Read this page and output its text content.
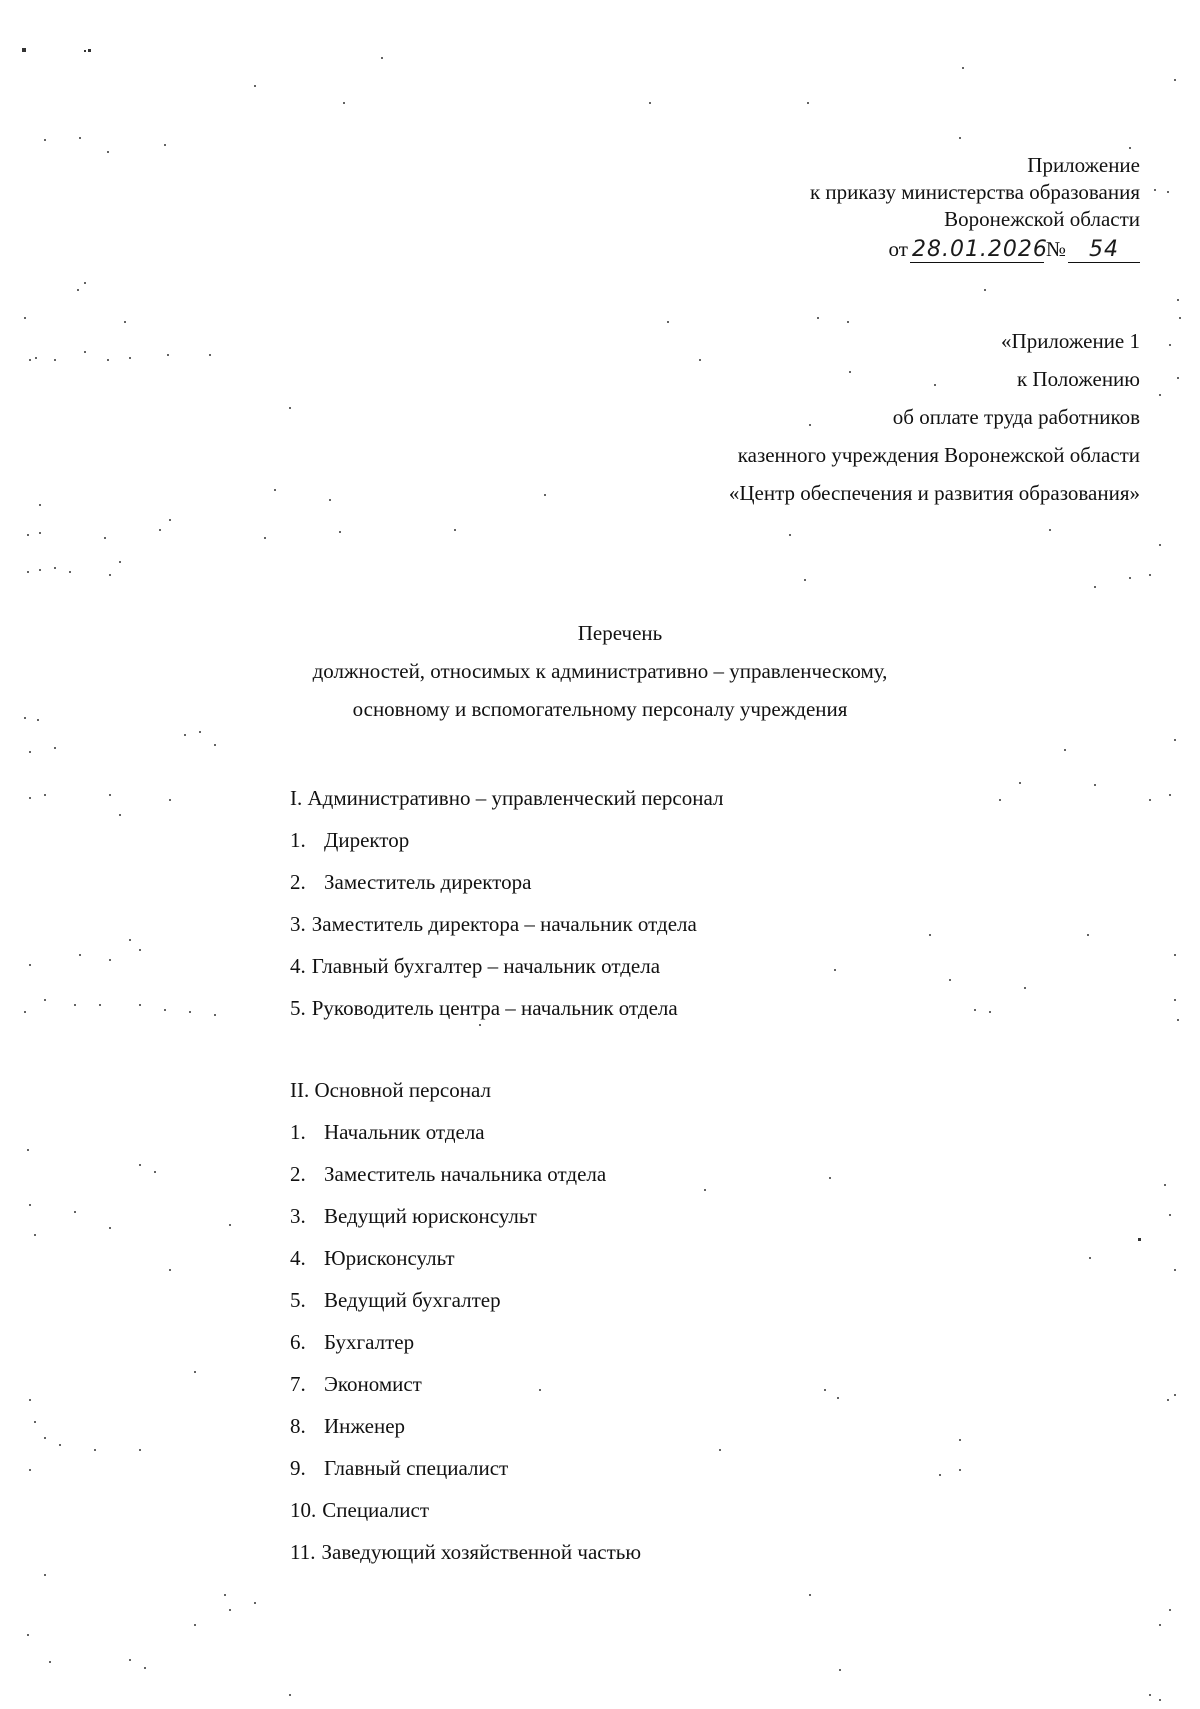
Приложение
к приказу министерства образования
Воронежской области
от 28.01.2026
№	54
«Приложение 1
к Положению
об оплате труда работников
казенного учреждения Воронежской области
«Центр обеспечения и развития образования»
Перечень
должностей, относимых к административно – управленческому,
основному и вспомогательному персоналу учреждения
I. Административно – управленческий персонал
1. Директор
2. Заместитель директора
3. Заместитель директора – начальник отдела
4. Главный бухгалтер – начальник отдела
5. Руководитель центра – начальник отдела
II. Основной персонал
1. Начальник отдела
2. Заместитель начальника отдела
3. Ведущий юрисконсульт
4. Юрисконсульт
5. Ведущий бухгалтер
6. Бухгалтер
7. Экономист
8. Инженер
9. Главный специалист
10. Специалист
11. Заведующий хозяйственной частью
